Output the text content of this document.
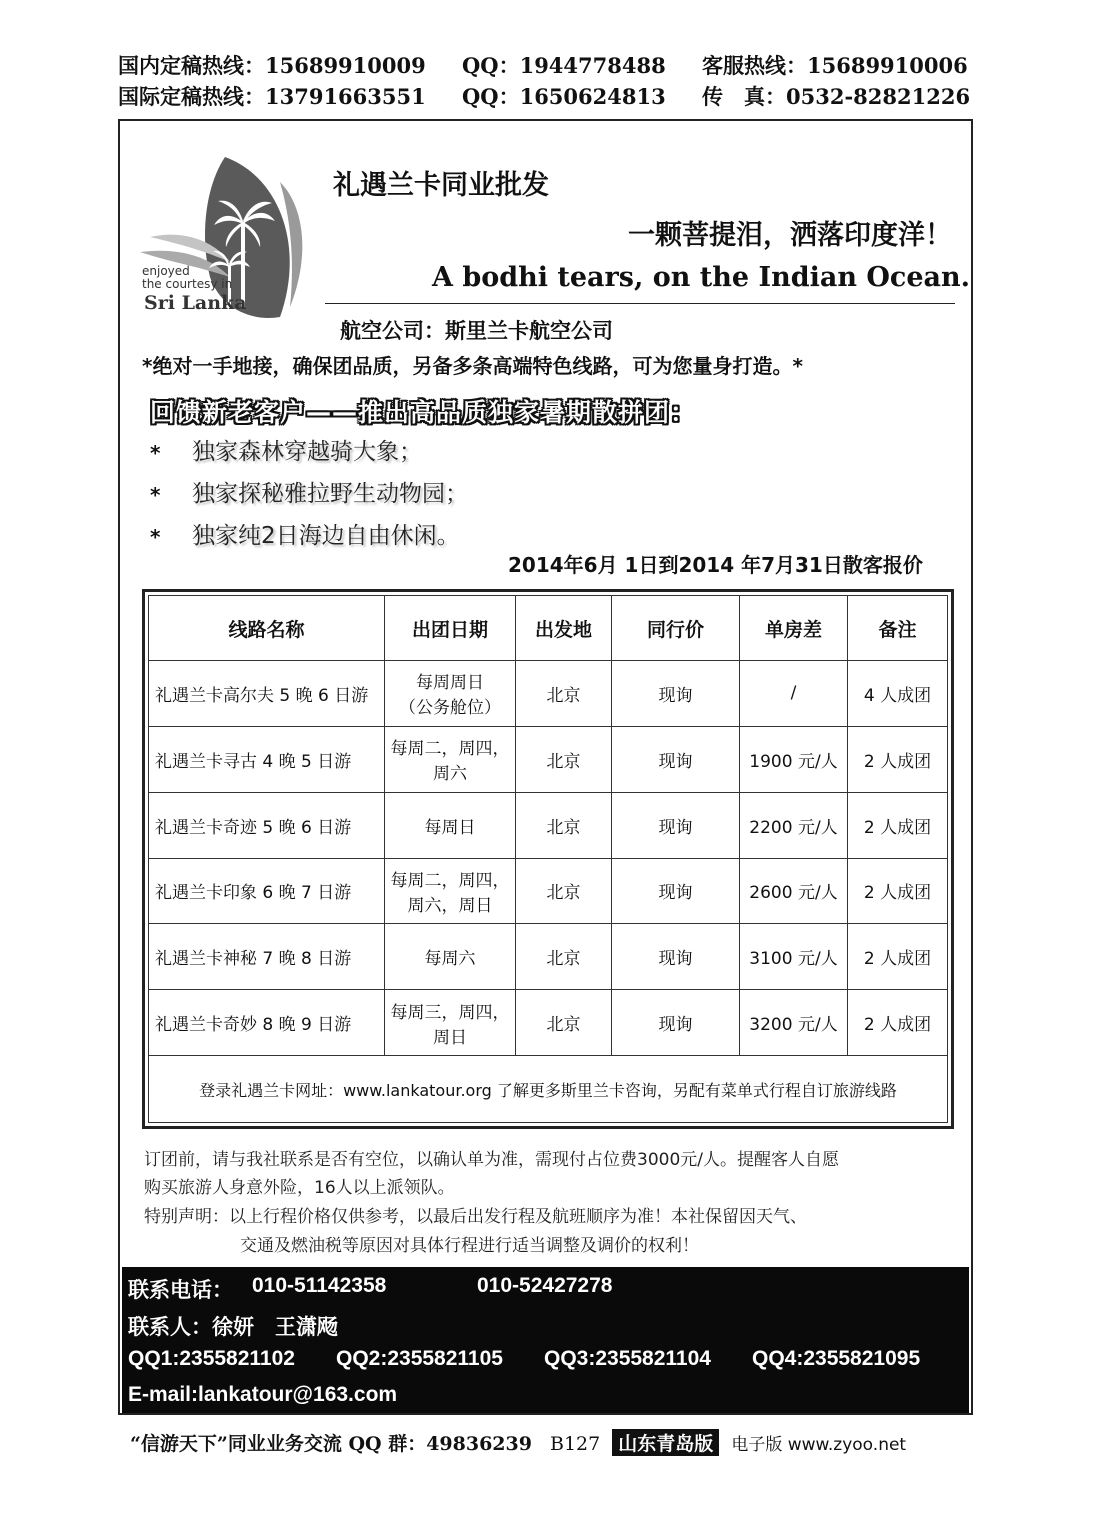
国内定稿热线：15689910009 QQ：1944778488 客服热线：15689910006
国际定稿热线：13791663551 QQ：1650624813 传　真：0532-82821226
enjoyed
the courtesy in
Sri Lanka
礼遇兰卡同业批发
一颗菩提泪，洒落印度洋！
A bodhi tears, on the Indian Ocean.
航空公司：斯里兰卡航空公司
*绝对一手地接，确保团品质，另备多条高端特色线路，可为您量身打造。*
回馈新老客户——推出高品质独家暑期散拼团：
* 独家森林穿越骑大象；
* 独家探秘雅拉野生动物园；
* 独家纯2日海边自由休闲。
2014年6月 1日到2014 年7月31日散客报价
线路名称	出团日期	出发地	同行价	单房差	备注
礼遇兰卡高尔夫 5 晚 6 日游	每周周日
（公务舱位）	北京	现询	/	4 人成团
礼遇兰卡寻古 4 晚 5 日游	每周二，周四，
周六	北京	现询	1900 元/人	2 人成团
礼遇兰卡奇迹 5 晚 6 日游	每周日	北京	现询	2200 元/人	2 人成团
礼遇兰卡印象 6 晚 7 日游	每周二，周四，
周六，周日	北京	现询	2600 元/人	2 人成团
礼遇兰卡神秘 7 晚 8 日游	每周六	北京	现询	3100 元/人	2 人成团
礼遇兰卡奇妙 8 晚 9 日游	每周三，周四，
周日	北京	现询	3200 元/人	2 人成团
登录礼遇兰卡网址：www.lankatour.org 了解更多斯里兰卡咨询，另配有菜单式行程自订旅游线路					
订团前，请与我社联系是否有空位，以确认单为准，需现付占位费3000元/人。提醒客人自愿
购买旅游人身意外险，16人以上派领队。
特别声明：以上行程价格仅供参考，以最后出发行程及航班顺序为准！本社保留因天气、
交通及燃油税等原因对具体行程进行适当调整及调价的权利！
联系电话： 010-51142358	010-52427278
联系人：徐妍　王潇飏
QQ1:2355821102 QQ2:2355821105 QQ3:2355821104 QQ4:2355821095
E-mail:lankatour@163.com
“信游天下”同业业务交流 QQ 群：49836239 B127 山东青岛版 电子版 www.zyoo.net
